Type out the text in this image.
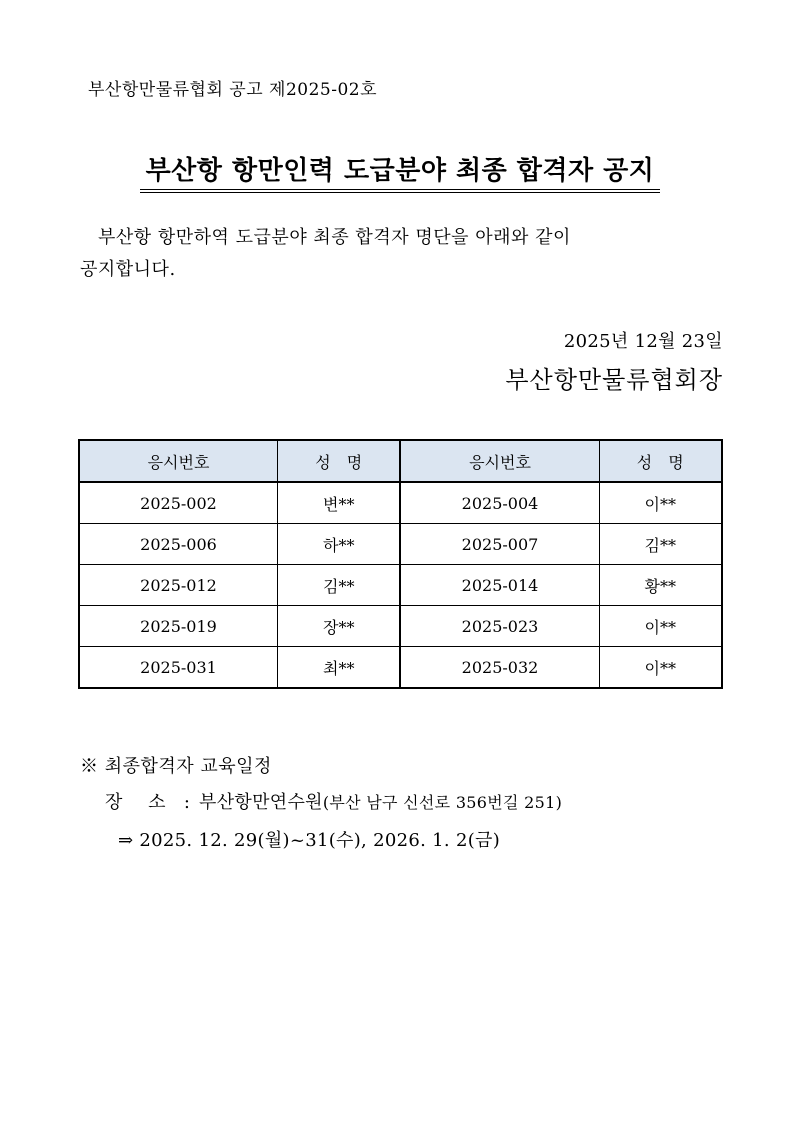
부산항만물류협회 공고 제2025-02호
부산항 항만인력 도급분야 최종 합격자 공지
부산항 항만하역 도급분야 최종 합격자 명단을 아래와 같이
공지합니다.
2025년 12월 23일
부산항만물류협회장
응시번호	성　명	응시번호	성　명
2025-002	변**	2025-004	이**
2025-006	하**	2025-007	김**
2025-012	김**	2025-014	황**
2025-019	장**	2025-023	이**
2025-031	최**	2025-032	이**
※ 최종합격자 교육일정
장 소 : 부산항만연수원(부산 남구 신선로 356번길 251)
⇒ 2025. 12. 29(월)~31(수), 2026. 1. 2(금)
